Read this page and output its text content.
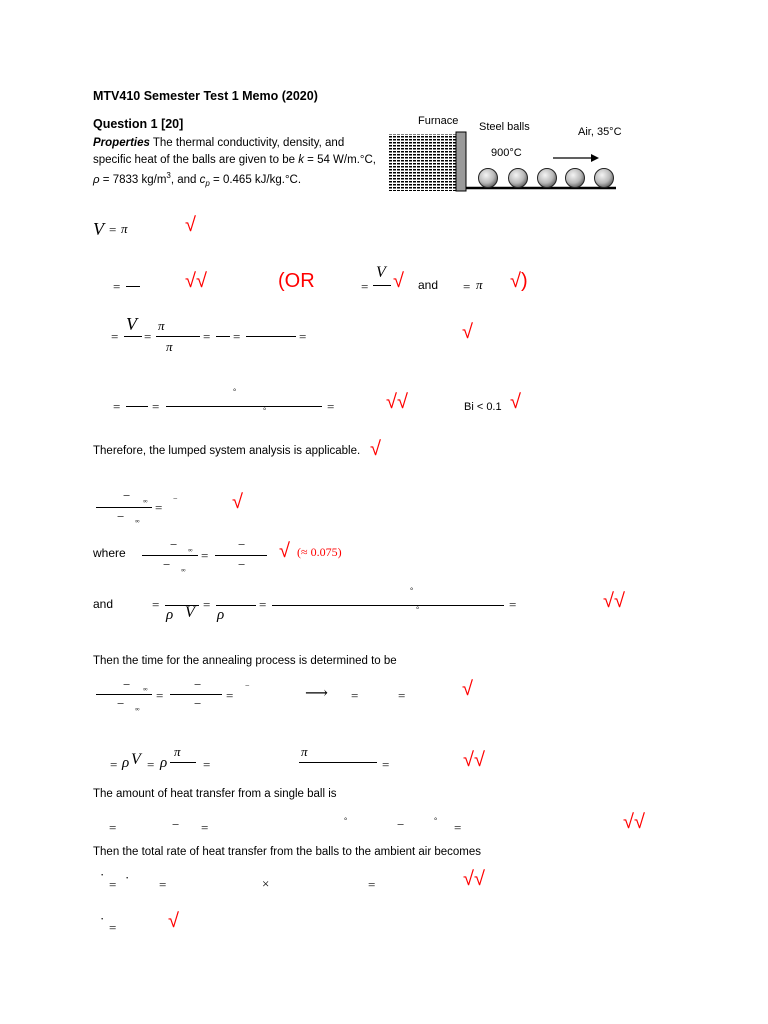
MTV410 Semester Test 1 Memo (2020)
Question 1 [20]
Properties The thermal conductivity, density, and
specific heat of the balls are given to be k = 54 W/m.°C,
ρ = 7833 $kg/m^3$, and $c_p = 0.465$ kJ/kg.°C.
Furnace Steel balls	Air, 35°C
900°C
V = π	√
=	√√	(OR	=
V √ and = π √)
=
V
=
π
π
= =	=	√
= =
°
°	=	√√	Bi < 0.1 √
Therefore, the lumped system analysis is applicable. √
− ∞
− ∞
=
−	√
where
− ∞
− ∞
=
−
−
√ (≈ 0.075)
and	=
ρ V =
ρ
=
°
°	=	√√
Then the time for the annealing process is determined to be
− ∞
− ∞
=
−
−
=
−	⟶ =	=	√
= ρ V = ρ
π
=
π
=	√√
The amount of heat transfer from a single ball is
=	− =	°	−	° =	√√
Then the total rate of heat transfer from the balls to the ambient air becomes
·
= · =	×	=	√√
·
=	√
